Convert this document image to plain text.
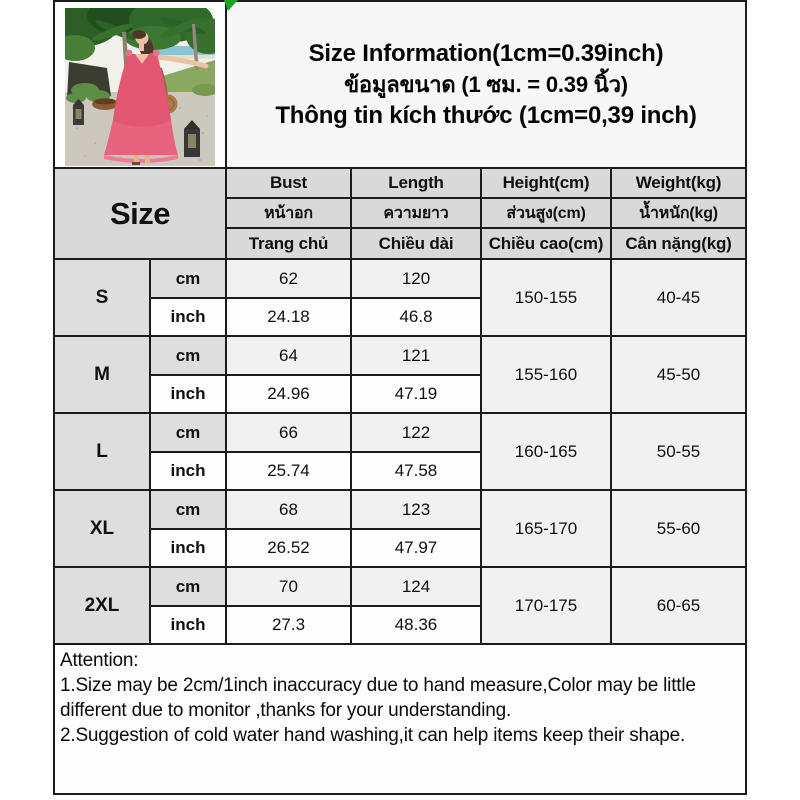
Size Information(1cm=0.39inch)
ข้อมูลขนาด (1 ซม. = 0.39 นิ้ว)
Thông tin kích thước (1cm=0,39 inch)			

Size		Bust	Length	Height(cm)	Weight(kg)
		หน้าอก	ความยาว	ส่วนสูง(cm)	น้ำหนัก(kg)
		Trang chủ	Chiều dài	Chiều cao(cm)	Cân nặng(kg)
S	cm	62	120	150-155	40-45
	inch	24.18	46.8		
M	cm	64	121	155-160	45-50
	inch	24.96	47.19		
L	cm	66	122	160-165	50-55
	inch	25.74	47.58		
XL	cm	68	123	165-170	55-60
	inch	26.52	47.97		
2XL	cm	70	124	170-175	60-65
	inch	27.3	48.36		

Attention:
1.Size may be 2cm/1inch inaccuracy due to hand measure,Color may be little different due to monitor ,thanks for your understanding.
2.Suggestion of cold water hand washing,it can help items keep their shape.					
